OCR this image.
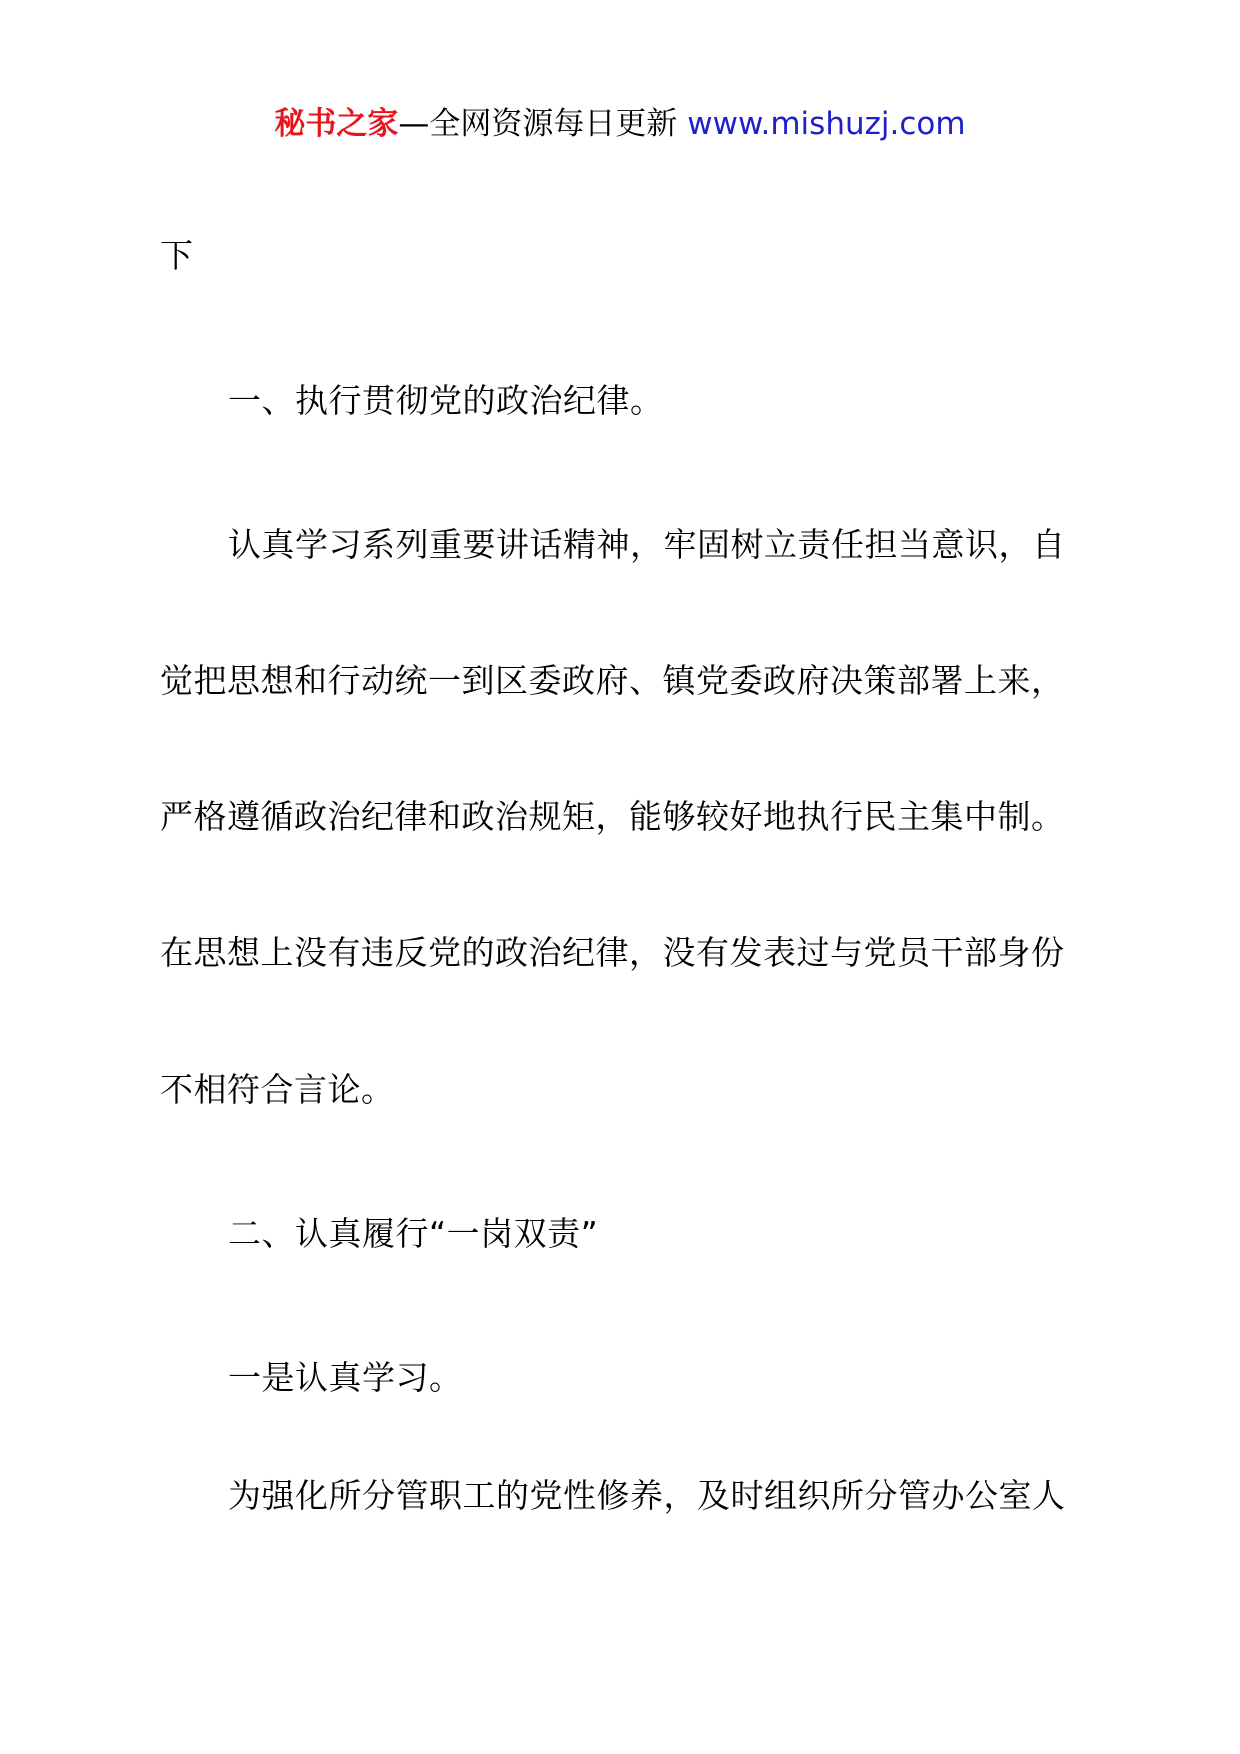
秘书之家—全网资源每日更新 www.mishuzj.com
下
一、执行贯彻党的政治纪律。
认真学习系列重要讲话精神，牢固树立责任担当意识，自
觉把思想和行动统一到区委政府、镇党委政府决策部署上来，
严格遵循政治纪律和政治规矩，能够较好地执行民主集中制。
在思想上没有违反党的政治纪律，没有发表过与党员干部身份
不相符合言论。
二、认真履行“一岗双责”
一是认真学习。
为强化所分管职工的党性修养，及时组织所分管办公室人
